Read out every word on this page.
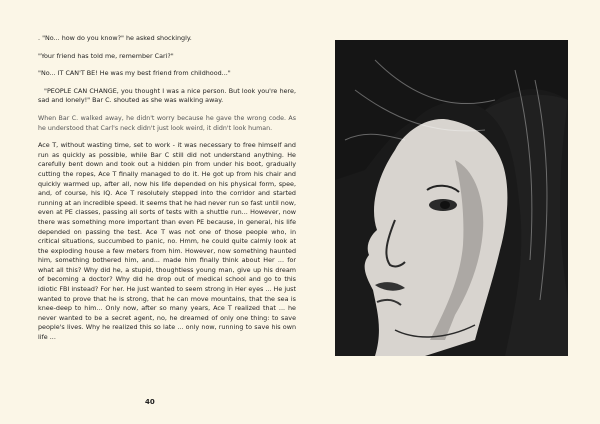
. "No... how do you know?" he asked shockingly.

"Your friend has told me, remember Cari?"

"No... IT CAN'T BE! He was my best friend from childhood..."

"PEOPLE CAN CHANGE, you thought I was a nice person. But look you're here, sad and lonely!" Bar C. shouted as she was walking away.

When Bar C. walked away, he didn't worry because he gave the wrong code. As he understood that Carl's neck didn't just look weird, it didn't look human.

Ace T, without wasting time, set to work - it was necessary to free himself and run as quickly as possible, while Bar C still did not understand anything. He carefully bent down and took out a hidden pin from under his boot, gradually cutting the ropes, Ace T finally managed to do it. He got up from his chair and quickly warmed up, after all, now his life depended on his physical form, spee, and, of course, his IQ. Ace T resolutely stepped into the corridor and started running at an incredible speed. It seems that he had never run so fast until now, even at PE classes, passing all sorts of tests with a shuttle run... However, now there was something more important than even PE because, in general, his life depended on passing the test. Ace T was not one of those people who, in critical situations, succumbed to panic, no. Hmm, he could quite calmly look at the exploding house a few meters from him. However, now something haunted him, something bothered him, and... made him finally think about Her ... for what all this? Why did he, a stupid, thoughtless young man, give up his dream of becoming a doctor? Why did he drop out of medical school and go to this idiotic FBI instead? For her. He just wanted to seem strong in Her eyes ... He just wanted to prove that he is strong, that he can move mountains, that the sea is knee-deep to him... Only now, after so many years, Ace T realized that ... he never wanted to be a secret agent, no, he dreamed of only one thing: to save people's lives. Why he realized this so late ... only now, running to save his own life ...

40
